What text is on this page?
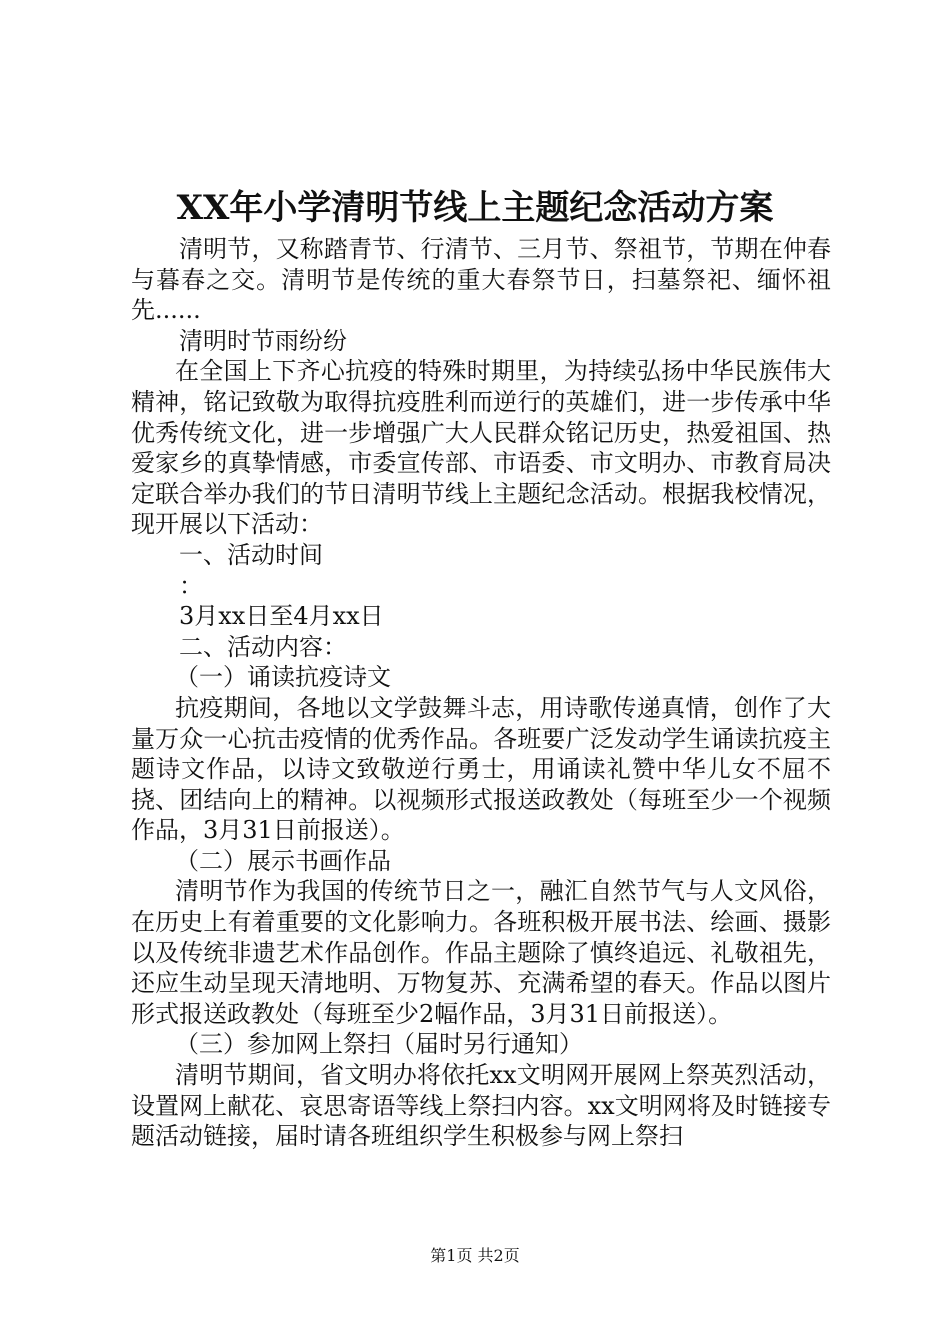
XX年小学清明节线上主题纪念活动方案

清明节，又称踏青节、行清节、三月节、祭祖节，节期在仲春与暮春之交。清明节是传统的重大春祭节日，扫墓祭祀、缅怀祖先......

清明时节雨纷纷

在全国上下齐心抗疫的特殊时期里，为持续弘扬中华民族伟大精神，铭记致敬为取得抗疫胜利而逆行的英雄们，进一步传承中华优秀传统文化，进一步增强广大人民群众铭记历史，热爱祖国、热爱家乡的真挚情感，市委宣传部、市语委、市文明办、市教育局决定联合举办我们的节日清明节线上主题纪念活动。根据我校情况，现开展以下活动：

一、活动时间

：

3月xx日至4月xx日

二、活动内容：

（一）诵读抗疫诗文

抗疫期间，各地以文学鼓舞斗志，用诗歌传递真情，创作了大量万众一心抗击疫情的优秀作品。各班要广泛发动学生诵读抗疫主题诗文作品，以诗文致敬逆行勇士，用诵读礼赞中华儿女不屈不挠、团结向上的精神。以视频形式报送政教处（每班至少一个视频作品，3月31日前报送）。

（二）展示书画作品

清明节作为我国的传统节日之一，融汇自然节气与人文风俗，在历史上有着重要的文化影响力。各班积极开展书法、绘画、摄影以及传统非遗艺术作品创作。作品主题除了慎终追远、礼敬祖先，还应生动呈现天清地明、万物复苏、充满希望的春天。作品以图片形式报送政教处（每班至少2幅作品，3月31日前报送）。

（三）参加网上祭扫（届时另行通知）

清明节期间，省文明办将依托xx文明网开展网上祭英烈活动，设置网上献花、哀思寄语等线上祭扫内容。xx文明网将及时链接专题活动链接，届时请各班组织学生积极参与网上祭扫

第1页 共2页
